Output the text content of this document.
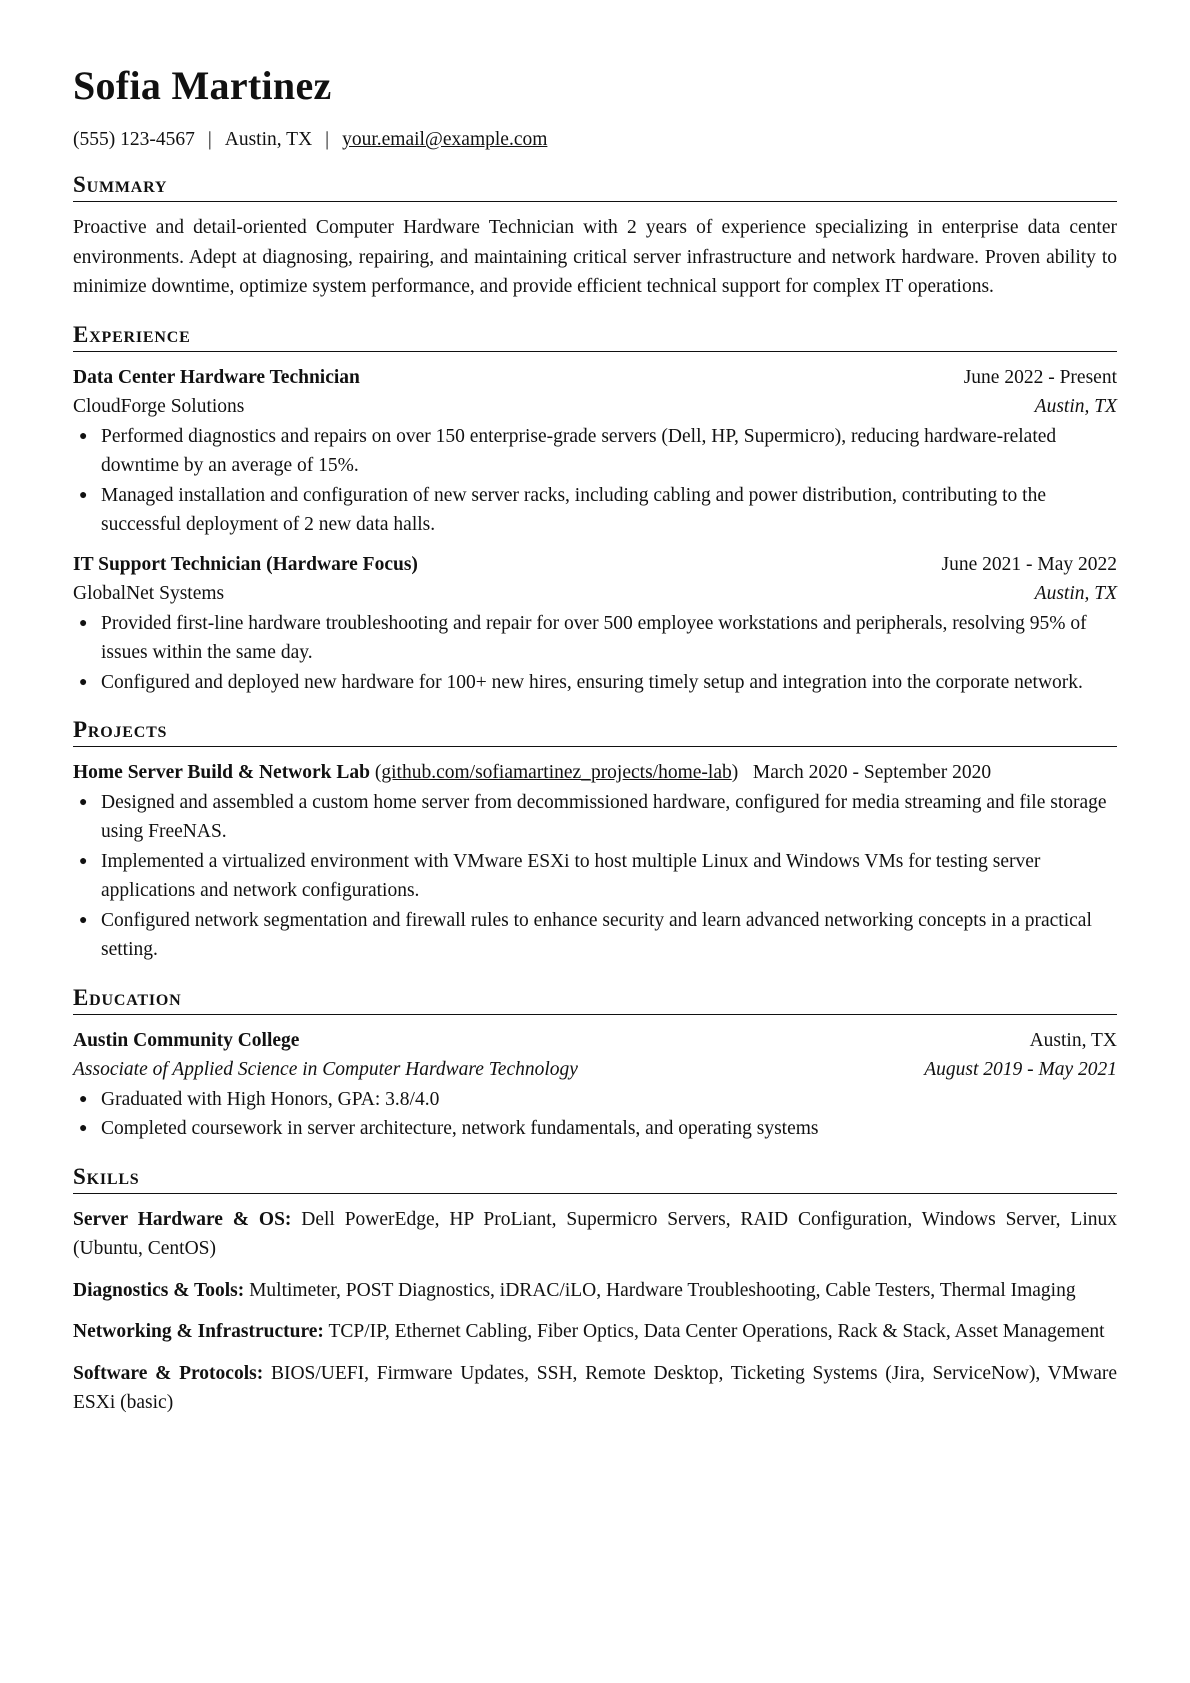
Sofia Martinez
(555) 123-4567 | Austin, TX | your.email@example.com
Summary
Proactive and detail-oriented Computer Hardware Technician with 2 years of experience specializing in enterprise data center environments. Adept at diagnosing, repairing, and maintaining critical server infrastructure and network hardware. Proven ability to minimize downtime, optimize system performance, and provide efficient technical support for complex IT operations.
Experience
Data Center Hardware Technician	June 2022 - Present
CloudForge Solutions	Austin, TX
● Performed diagnostics and repairs on over 150 enterprise-grade servers (Dell, HP, Supermicro), reducing hardware-related downtime by an average of 15%.
● Managed installation and configuration of new server racks, including cabling and power distribution, contributing to the successful deployment of 2 new data halls.
IT Support Technician (Hardware Focus)	June 2021 - May 2022
GlobalNet Systems	Austin, TX
● Provided first-line hardware troubleshooting and repair for over 500 employee workstations and peripherals, resolving 95% of issues within the same day.
● Configured and deployed new hardware for 100+ new hires, ensuring timely setup and integration into the corporate network.
Projects
Home Server Build & Network Lab (github.com/sofiamartinez_projects/home-lab)   March 2020 - September 2020
● Designed and assembled a custom home server from decommissioned hardware, configured for media streaming and file storage using FreeNAS.
● Implemented a virtualized environment with VMware ESXi to host multiple Linux and Windows VMs for testing server applications and network configurations.
● Configured network segmentation and firewall rules to enhance security and learn advanced networking concepts in a practical setting.
Education
Austin Community College	Austin, TX
Associate of Applied Science in Computer Hardware Technology	August 2019 - May 2021
● Graduated with High Honors, GPA: 3.8/4.0
● Completed coursework in server architecture, network fundamentals, and operating systems
Skills
Server Hardware & OS: Dell PowerEdge, HP ProLiant, Supermicro Servers, RAID Configuration, Windows Server, Linux (Ubuntu, CentOS)
Diagnostics & Tools: Multimeter, POST Diagnostics, iDRAC/iLO, Hardware Troubleshooting, Cable Testers, Thermal Imaging
Networking & Infrastructure: TCP/IP, Ethernet Cabling, Fiber Optics, Data Center Operations, Rack & Stack, Asset Management
Software & Protocols: BIOS/UEFI, Firmware Updates, SSH, Remote Desktop, Ticketing Systems (Jira, ServiceNow), VMware ESXi (basic)
